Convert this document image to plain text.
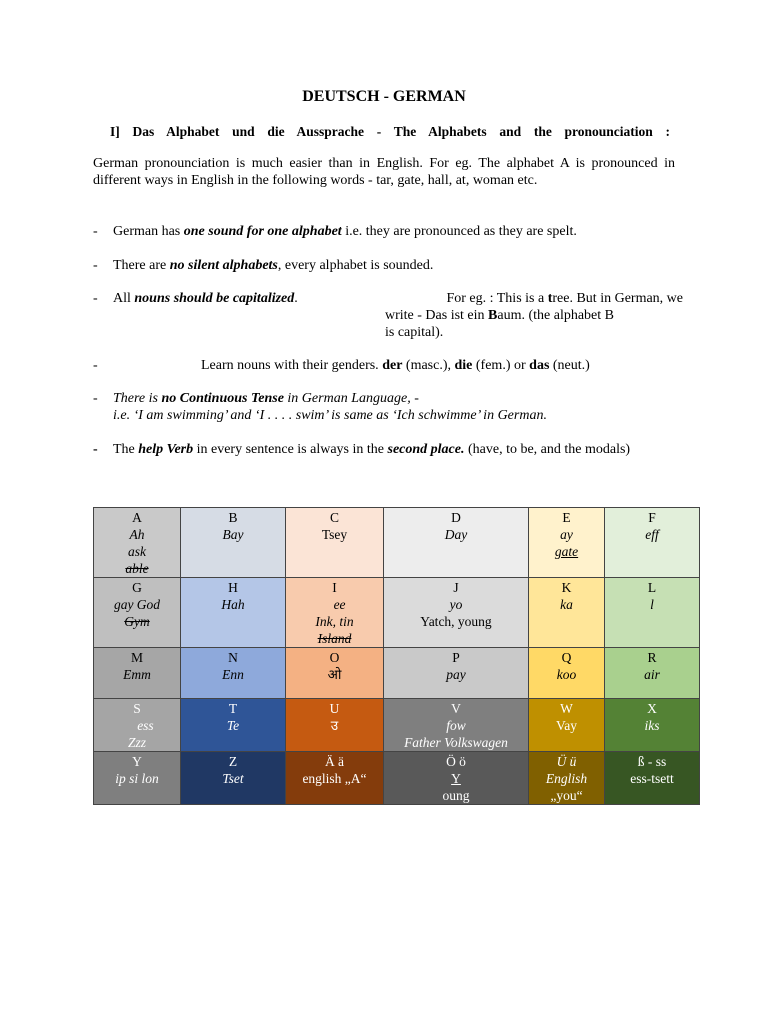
DEUTSCH - GERMAN
I] Das Alphabet und die Aussprache - The Alphabets and the pronounciation :
German pronounciation is much easier than in English. For eg. The alphabet A is pronounced in different ways in English in the following words - tar, gate, hall, at, woman etc.
- German has one sound for one alphabet i.e. they are pronounced as they are spelt.
- There are no silent alphabets, every alphabet is sounded.
- All nouns should be capitalized.	For eg. : This is a tree. But in German, we
write - Das ist ein Baum. (the alphabet B
is capital).
-	Learn nouns with their genders. der (masc.), die (fem.) or das (neut.)
- There is no Continuous Tense in German Language, -
i.e. ‘I am swimming’ and ‘I . . . . swim’ is same as ‘Ich schwimme’ in German.
- The help Verb in every sentence is always in the second place. (have, to be, and the modals)
A
Ah
ask
able	B
Bay	C
Tsey	D
Day	E
ay
gate	F
eff

G
gay God
Gym	H
Hah	I
ee
Ink, tin
Island	J
yo
Yatch, young	K
ka	L
l

M
Emm	N
Enn	O
ओ	P
pay	Q
koo	R
air

S
ess
Zzz	T
Te	U
उ	V
fow
Father Volkswagen	W
Vay	X
iks

Y
ip si lon	Z
Tset	Ä ä
english „A“	Ö ö
Y
oung	Ü ü
English
„you“	ß - ss
ess-tsett
